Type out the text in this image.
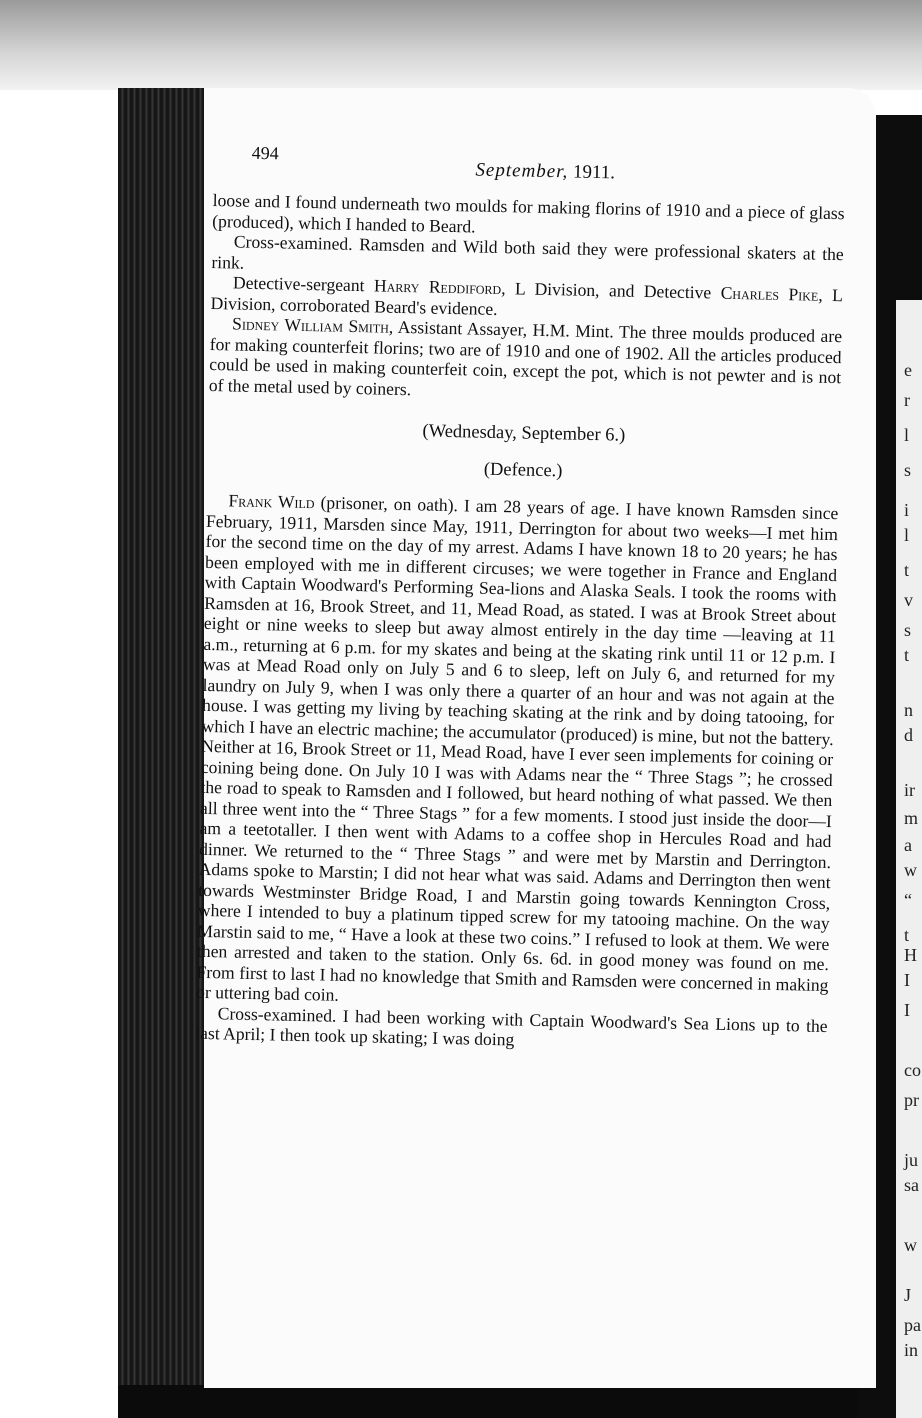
e
r
l
s
i
l
t
v
s
t
n
d
ir
m
a
w
“
t
H
I
I
co
pr
ju
sa
w
J
pa
in
494
September, 1911.

loose and I found underneath two moulds for making florins of 1910 and a piece of glass (produced), which I handed to Beard.

Cross-examined. Ramsden and Wild both said they were professional skaters at the rink.

Detective-sergeant Harry Reddiford, L Division, and Detective Charles Pike, L Division, corroborated Beard's evidence.

Sidney William Smith, Assistant Assayer, H.M. Mint. The three moulds produced are for making counterfeit florins; two are of 1910 and one of 1902. All the articles produced could be used in making counterfeit coin, except the pot, which is not pewter and is not of the metal used by coiners.

(Wednesday, September 6.)

(Defence.)

Frank Wild (prisoner, on oath). I am 28 years of age. I have known Ramsden since February, 1911, Marsden since May, 1911, Derrington for about two weeks—I met him for the second time on the day of my arrest. Adams I have known 18 to 20 years; he has been employed with me in different circuses; we were together in France and England with Captain Woodward's Performing Sea-lions and Alaska Seals. I took the rooms with Ramsden at 16, Brook Street, and 11, Mead Road, as stated. I was at Brook Street about eight or nine weeks to sleep but away almost entirely in the day time —leaving at 11 a.m., returning at 6 p.m. for my skates and being at the skating rink until 11 or 12 p.m. I was at Mead Road only on July 5 and 6 to sleep, left on July 6, and returned for my laundry on July 9, when I was only there a quarter of an hour and was not again at the house. I was getting my living by teaching skating at the rink and by doing tatooing, for which I have an electric machine; the accumulator (produced) is mine, but not the battery. Neither at 16, Brook Street or 11, Mead Road, have I ever seen implements for coining or coining being done. On July 10 I was with Adams near the “ Three Stags ”; he crossed the road to speak to Ramsden and I followed, but heard nothing of what passed. We then all three went into the “ Three Stags ” for a few moments. I stood just inside the door—I am a teetotaller. I then went with Adams to a coffee shop in Hercules Road and had dinner. We returned to the “ Three Stags ” and were met by Marstin and Derrington. Adams spoke to Marstin; I did not hear what was said. Adams and Derrington then went towards Westminster Bridge Road, I and Marstin going towards Kennington Cross, where I intended to buy a platinum tipped screw for my tatooing machine. On the way Marstin said to me, “ Have a look at these two coins.” I refused to look at them. We were then arrested and taken to the station. Only 6s. 6d. in good money was found on me. From first to last I had no knowledge that Smith and Ramsden were concerned in making or uttering bad coin.

Cross-examined. I had been working with Captain Woodward's Sea Lions up to the last April; I then took up skating; I was doing
